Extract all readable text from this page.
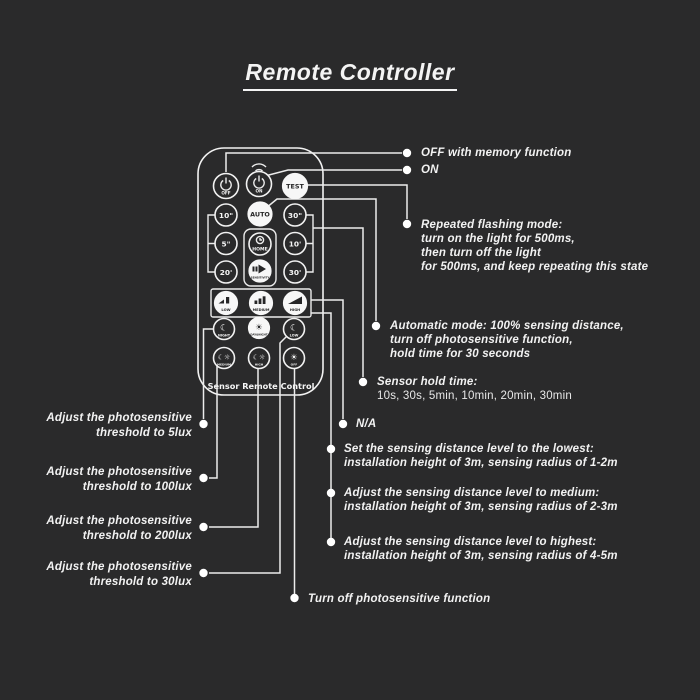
Remote Controller
Sensor Remote Control
OFF	ON
TEST
10"	AUTO 30"
5"
HOME
10'
20'
SENSITIVITY
30'
LOW	MEDIUM	HIGH
☾
NIGHT
☀
DAY&NIGHT
☾
LOW
☾☼
MEDIUM
☾☼
HIGH
☀
OFF
OFF with memory function
ON
Repeated flashing mode:
turn on the light for 500ms,
then turn off the light
for 500ms, and keep repeating this state
Automatic mode: 100% sensing distance,
turn off photosensitive function,
hold time for 30 seconds
Sensor hold time:
10s, 30s, 5min, 10min, 20min, 30min
N/A
Set the sensing distance level to the lowest:
installation height of 3m, sensing radius of 1-2m
Adjust the sensing distance level to medium:
installation height of 3m, sensing radius of 2-3m
Adjust the sensing distance level to highest:
installation height of 3m, sensing radius of 4-5m
Turn off photosensitive function
Adjust the photosensitive
threshold to 5lux
Adjust the photosensitive
threshold to 100lux
Adjust the photosensitive
threshold to 200lux
Adjust the photosensitive
threshold to 30lux
